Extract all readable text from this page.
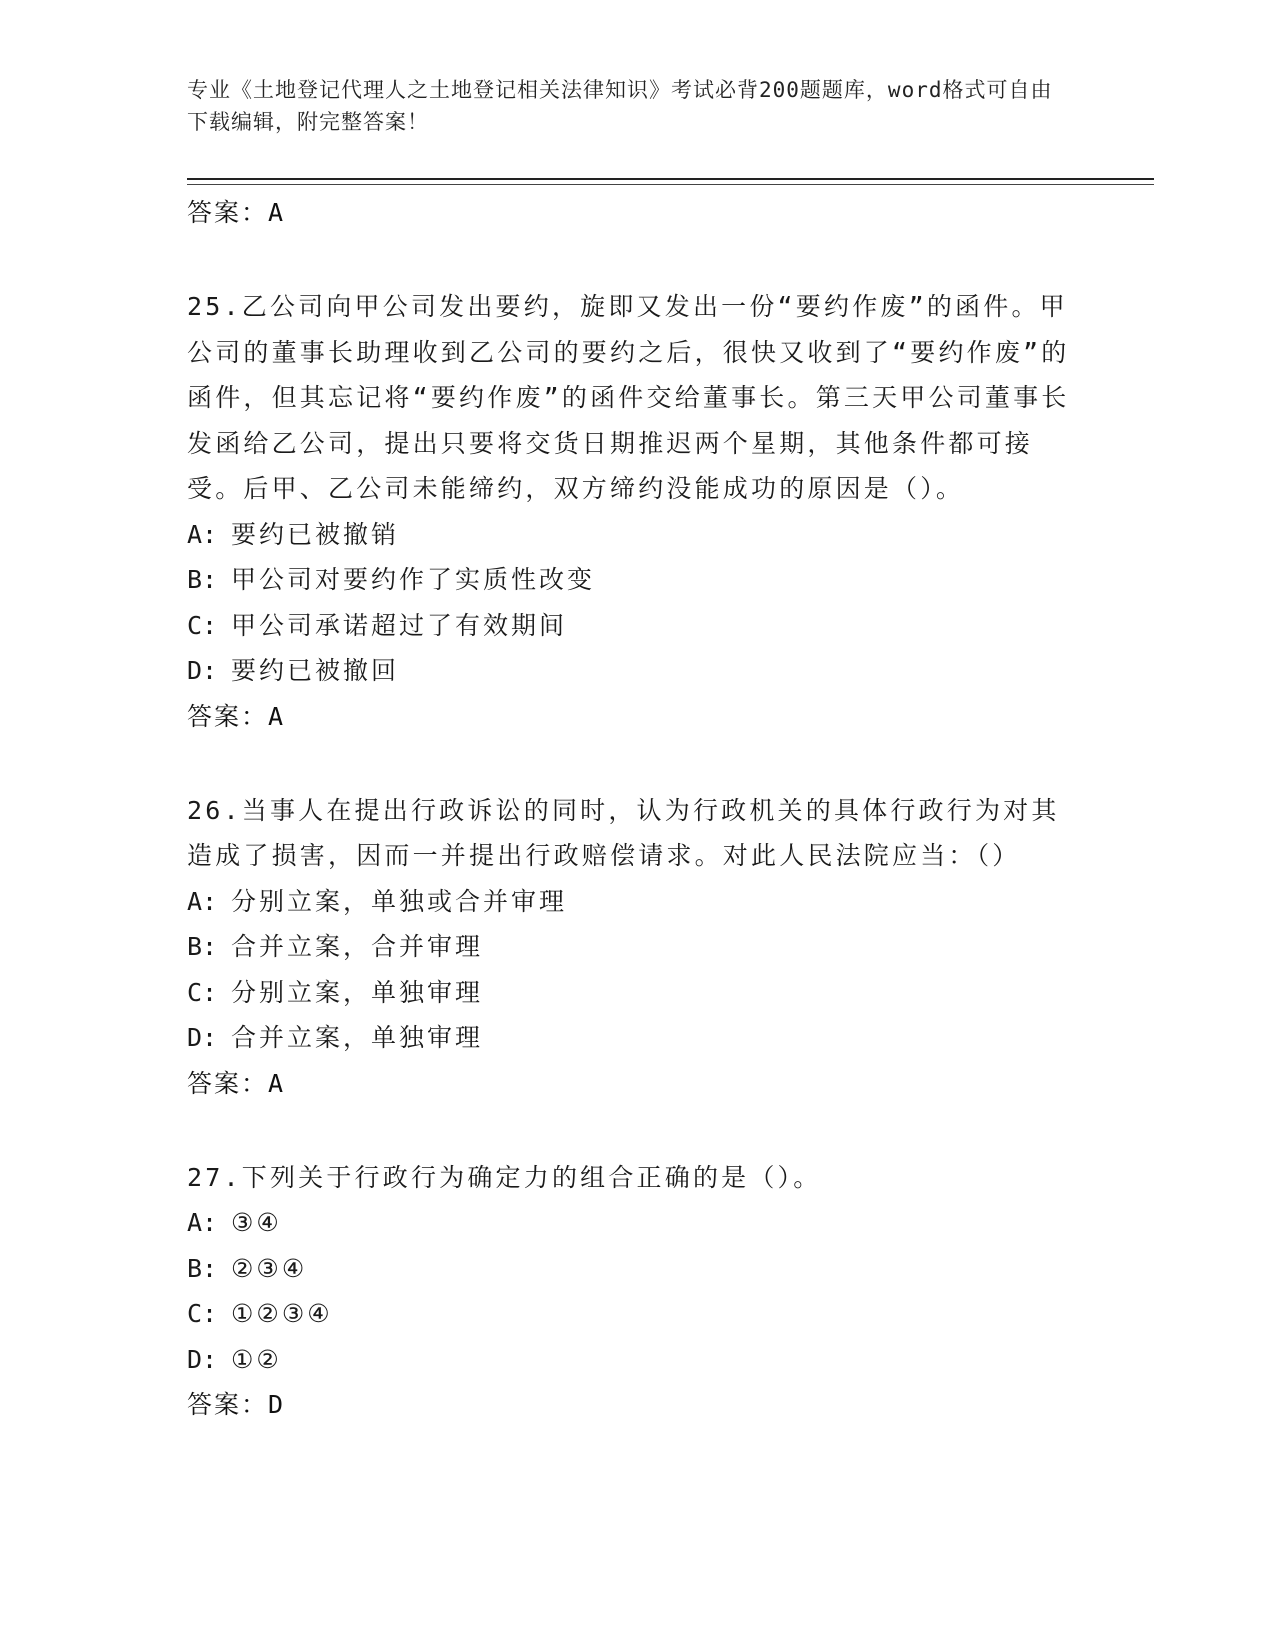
专业《土地登记代理人之土地登记相关法律知识》考试必背200题题库，word格式可自由下载编辑，附完整答案！
答案：A
25.乙公司向甲公司发出要约，旋即又发出一份“要约作废”的函件。甲公司的董事长助理收到乙公司的要约之后，很快又收到了“要约作废”的函件，但其忘记将“要约作废”的函件交给董事长。第三天甲公司董事长发函给乙公司，提出只要将交货日期推迟两个星期，其他条件都可接受。后甲、乙公司未能缔约，双方缔约没能成功的原因是（）。
A: 要约已被撤销
B: 甲公司对要约作了实质性改变
C: 甲公司承诺超过了有效期间
D: 要约已被撤回
答案：A
26.当事人在提出行政诉讼的同时，认为行政机关的具体行政行为对其造成了损害，因而一并提出行政赔偿请求。对此人民法院应当：（）
A: 分别立案，单独或合并审理
B: 合并立案，合并审理
C: 分别立案，单独审理
D: 合并立案，单独审理
答案：A
27.下列关于行政行为确定力的组合正确的是（）。
A: ③④
B: ②③④
C: ①②③④
D: ①②
答案：D
